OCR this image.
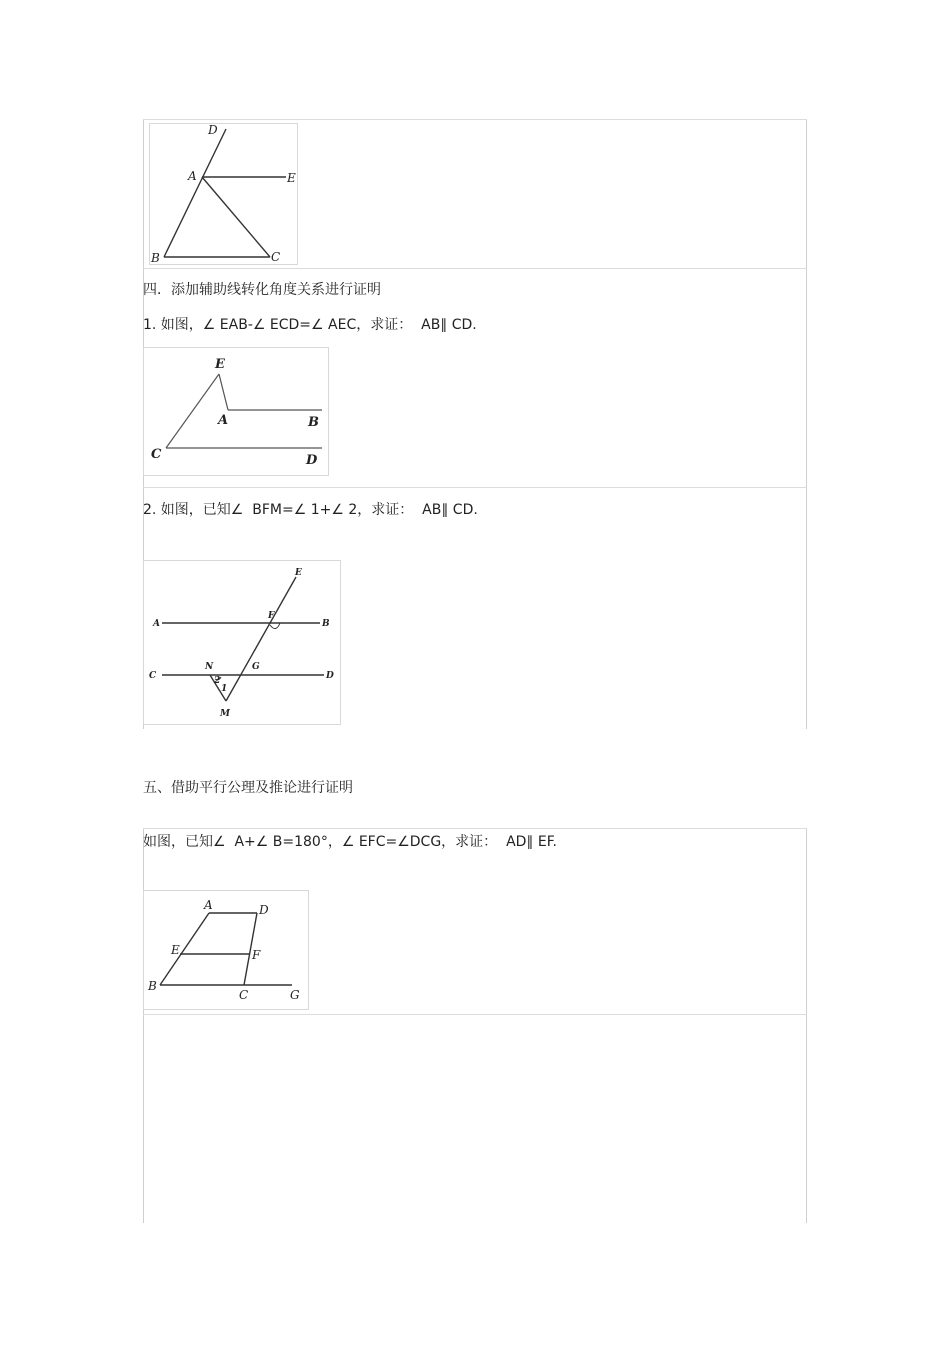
D
A	E
B	C
四．添加辅助线转化角度关系进行证明
1. 如图，∠ EAB-∠ ECD=∠ AEC，求证：  AB∥ CD.
E
A	B
C	D
2. 如图，已知∠  BFM=∠ 1+∠ 2，求证：  AB∥ CD.
E
F
A	B
C	D
N	G
M
1
2
五、借助平行公理及推论进行证明
如图，已知∠  A+∠ B=180°，∠ EFC=∠DCG，求证：  AD∥ EF.
A	D
E	F
B
C	G
